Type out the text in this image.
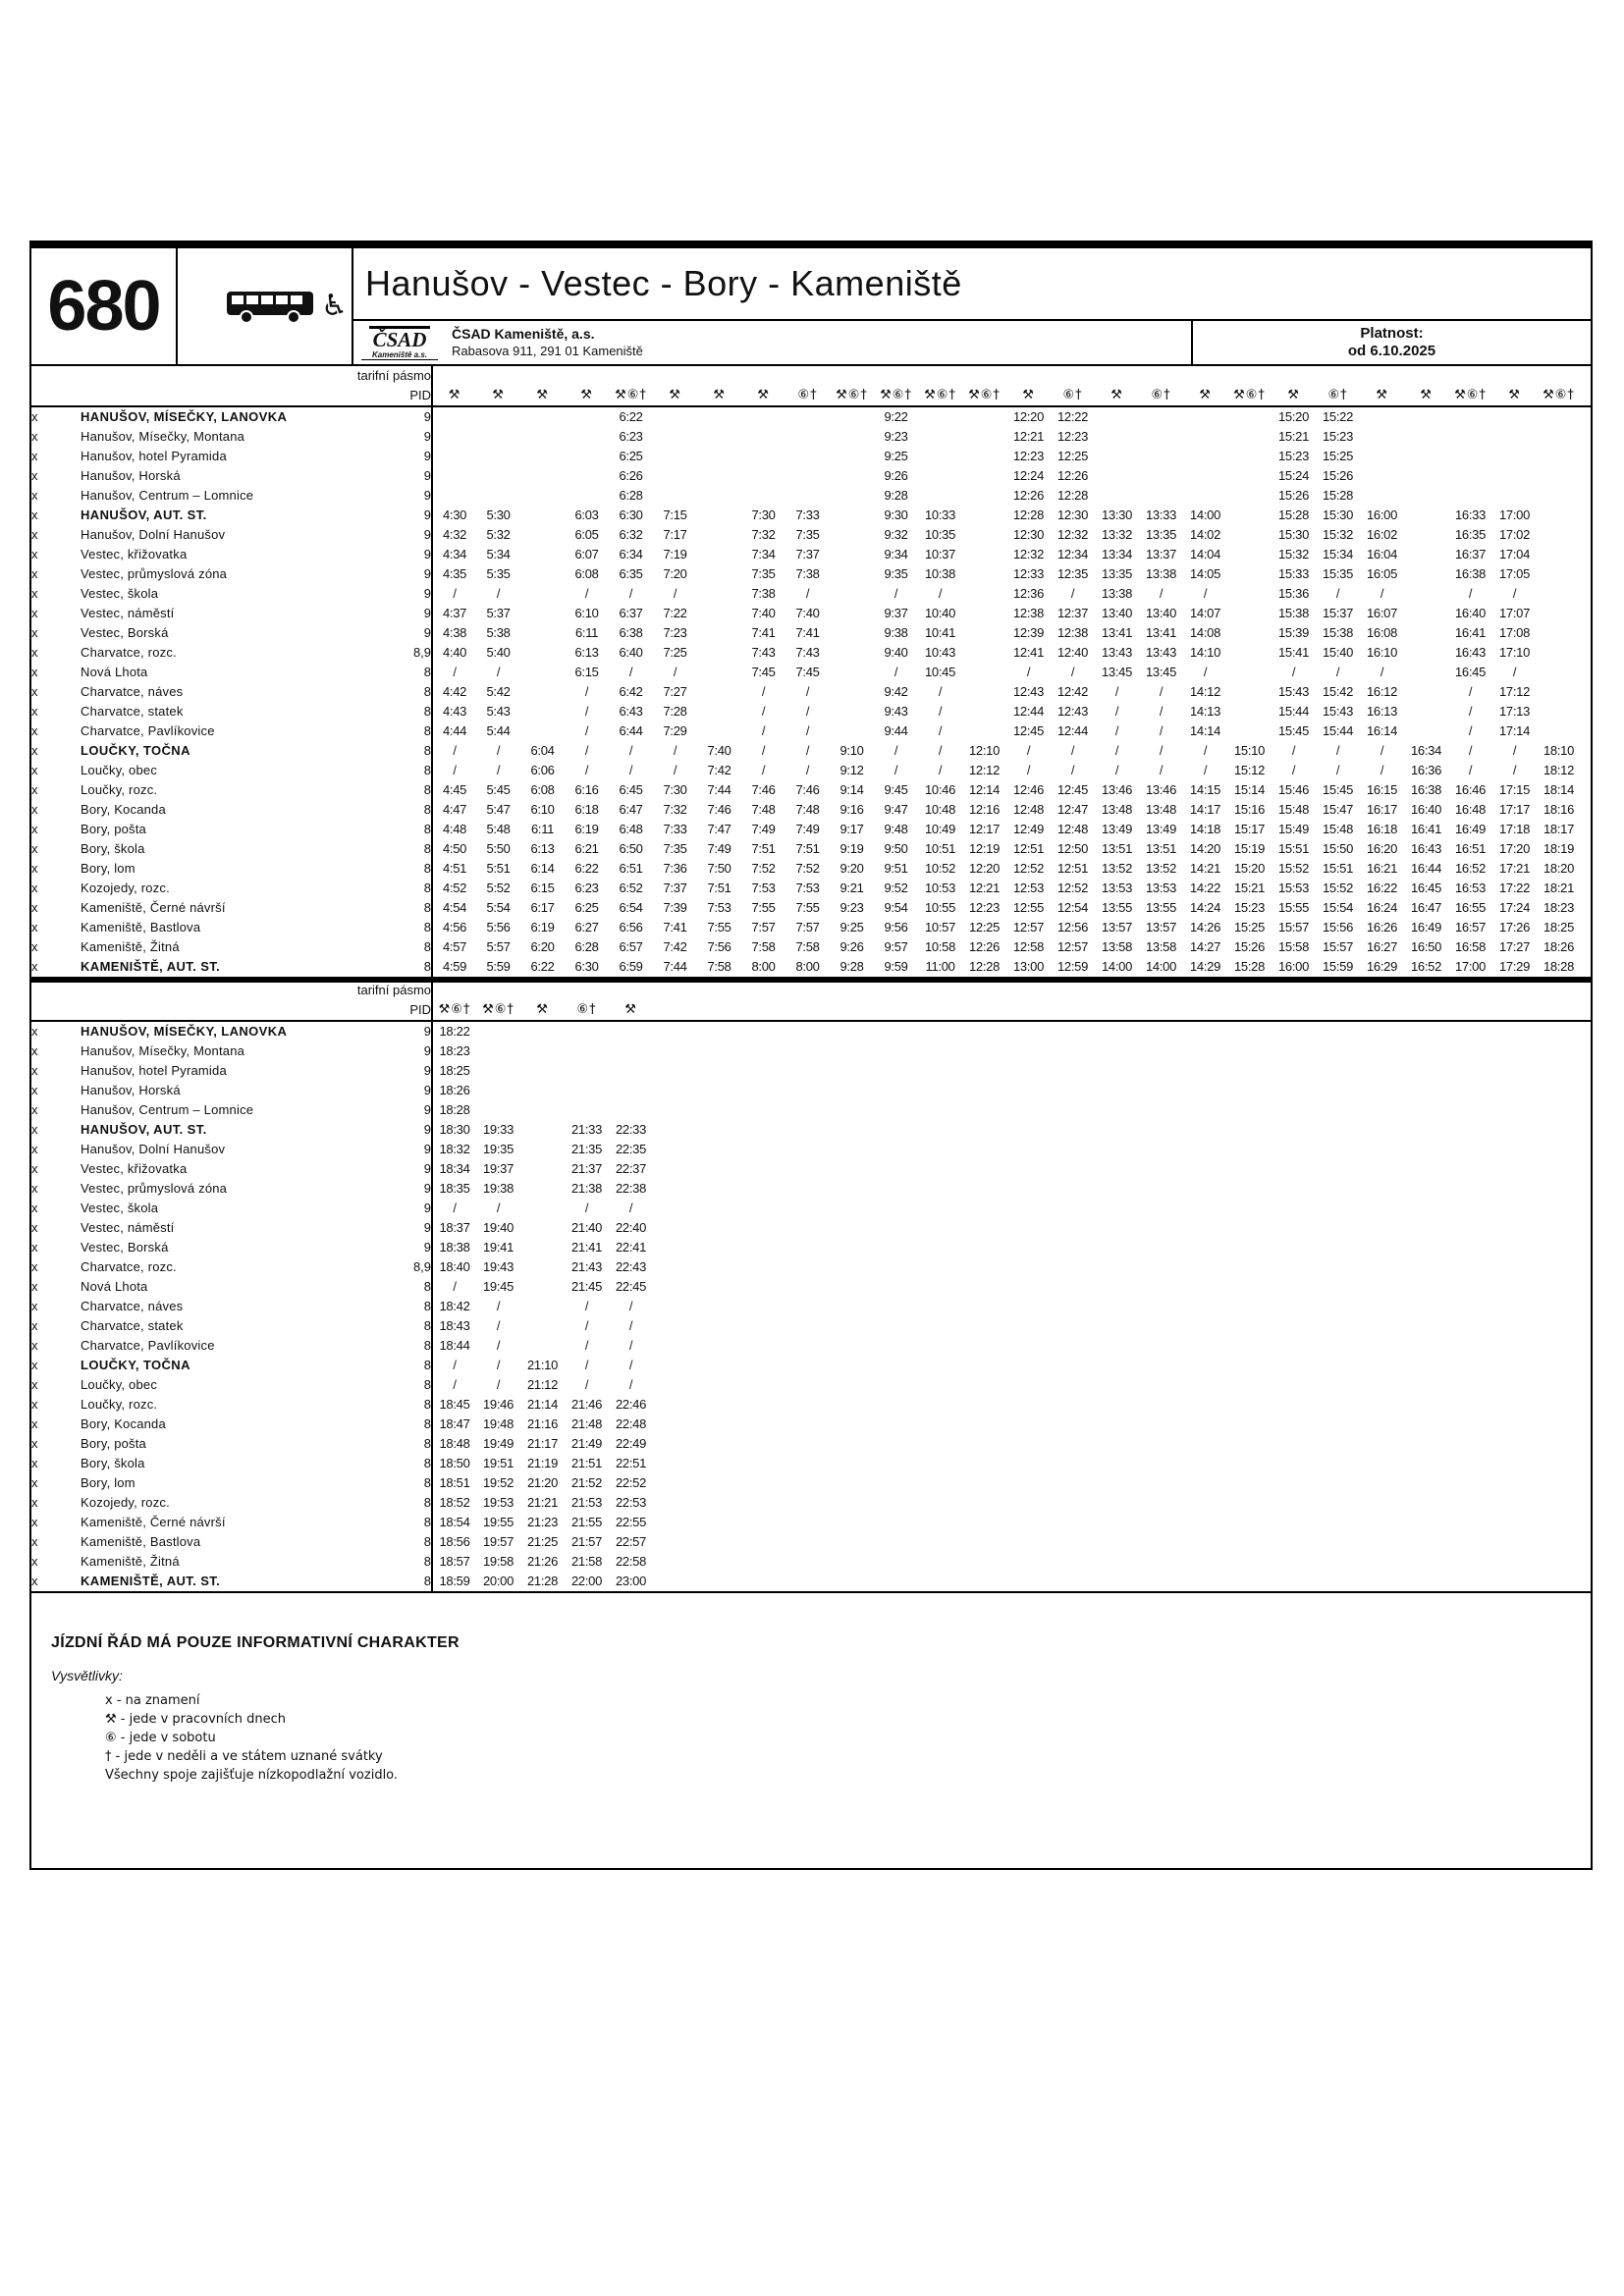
680	♿
Hanušov - Vestec - Bory - Kameniště
ČSAD
Kameniště a.s.
ČSAD Kameniště, a.s.
Rabasova 911, 291 01 Kameniště
Platnost:
od 6.10.2025
tarifní pásmo
PID			⚒	⚒	⚒	⚒	⚒⑥†	⚒	⚒	⚒	⑥†	⚒⑥†	⚒⑥†	⚒⑥†	⚒⑥†	⚒	⑥†	⚒	⑥†	⚒	⚒⑥†	⚒	⑥†	⚒	⚒	⚒⑥†	⚒	⚒⑥†	
x	HANUŠOV, MÍSEČKY, LANOVKA	9					6:22						9:22			12:20	12:22					15:20	15:22						
x	Hanušov, Mísečky, Montana	9					6:23						9:23			12:21	12:23					15:21	15:23						
x	Hanušov, hotel Pyramida	9					6:25						9:25			12:23	12:25					15:23	15:25						
x	Hanušov, Horská	9					6:26						9:26			12:24	12:26					15:24	15:26						
x	Hanušov, Centrum – Lomnice	9					6:28						9:28			12:26	12:28					15:26	15:28						
x	HANUŠOV, AUT. ST.	9	4:30	5:30		6:03	6:30	7:15		7:30	7:33		9:30	10:33		12:28	12:30	13:30	13:33	14:00		15:28	15:30	16:00		16:33	17:00		
x	Hanušov, Dolní Hanušov	9	4:32	5:32		6:05	6:32	7:17		7:32	7:35		9:32	10:35		12:30	12:32	13:32	13:35	14:02		15:30	15:32	16:02		16:35	17:02		
x	Vestec, křižovatka	9	4:34	5:34		6:07	6:34	7:19		7:34	7:37		9:34	10:37		12:32	12:34	13:34	13:37	14:04		15:32	15:34	16:04		16:37	17:04		
x	Vestec, průmyslová zóna	9	4:35	5:35		6:08	6:35	7:20		7:35	7:38		9:35	10:38		12:33	12:35	13:35	13:38	14:05		15:33	15:35	16:05		16:38	17:05		
x	Vestec, škola	9	/	/		/	/	/		7:38	/		/	/		12:36	/	13:38	/	/		15:36	/	/		/	/		
x	Vestec, náměstí	9	4:37	5:37		6:10	6:37	7:22		7:40	7:40		9:37	10:40		12:38	12:37	13:40	13:40	14:07		15:38	15:37	16:07		16:40	17:07		
x	Vestec, Borská	9	4:38	5:38		6:11	6:38	7:23		7:41	7:41		9:38	10:41		12:39	12:38	13:41	13:41	14:08		15:39	15:38	16:08		16:41	17:08		
x	Charvatce, rozc.	8,9	4:40	5:40		6:13	6:40	7:25		7:43	7:43		9:40	10:43		12:41	12:40	13:43	13:43	14:10		15:41	15:40	16:10		16:43	17:10		
x	Nová Lhota	8	/	/		6:15	/	/		7:45	7:45		/	10:45		/	/	13:45	13:45	/		/	/	/		16:45	/		
x	Charvatce, náves	8	4:42	5:42		/	6:42	7:27		/	/		9:42	/		12:43	12:42	/	/	14:12		15:43	15:42	16:12		/	17:12		
x	Charvatce, statek	8	4:43	5:43		/	6:43	7:28		/	/		9:43	/		12:44	12:43	/	/	14:13		15:44	15:43	16:13		/	17:13		
x	Charvatce, Pavlíkovice	8	4:44	5:44		/	6:44	7:29		/	/		9:44	/		12:45	12:44	/	/	14:14		15:45	15:44	16:14		/	17:14		
x	LOUČKY, TOČNA	8	/	/	6:04	/	/	/	7:40	/	/	9:10	/	/	12:10	/	/	/	/	/	15:10	/	/	/	16:34	/	/	18:10	
x	Loučky, obec	8	/	/	6:06	/	/	/	7:42	/	/	9:12	/	/	12:12	/	/	/	/	/	15:12	/	/	/	16:36	/	/	18:12	
x	Loučky, rozc.	8	4:45	5:45	6:08	6:16	6:45	7:30	7:44	7:46	7:46	9:14	9:45	10:46	12:14	12:46	12:45	13:46	13:46	14:15	15:14	15:46	15:45	16:15	16:38	16:46	17:15	18:14	
x	Bory, Kocanda	8	4:47	5:47	6:10	6:18	6:47	7:32	7:46	7:48	7:48	9:16	9:47	10:48	12:16	12:48	12:47	13:48	13:48	14:17	15:16	15:48	15:47	16:17	16:40	16:48	17:17	18:16	
x	Bory, pošta	8	4:48	5:48	6:11	6:19	6:48	7:33	7:47	7:49	7:49	9:17	9:48	10:49	12:17	12:49	12:48	13:49	13:49	14:18	15:17	15:49	15:48	16:18	16:41	16:49	17:18	18:17	
x	Bory, škola	8	4:50	5:50	6:13	6:21	6:50	7:35	7:49	7:51	7:51	9:19	9:50	10:51	12:19	12:51	12:50	13:51	13:51	14:20	15:19	15:51	15:50	16:20	16:43	16:51	17:20	18:19	
x	Bory, lom	8	4:51	5:51	6:14	6:22	6:51	7:36	7:50	7:52	7:52	9:20	9:51	10:52	12:20	12:52	12:51	13:52	13:52	14:21	15:20	15:52	15:51	16:21	16:44	16:52	17:21	18:20	
x	Kozojedy, rozc.	8	4:52	5:52	6:15	6:23	6:52	7:37	7:51	7:53	7:53	9:21	9:52	10:53	12:21	12:53	12:52	13:53	13:53	14:22	15:21	15:53	15:52	16:22	16:45	16:53	17:22	18:21	
x	Kameniště, Černé návrší	8	4:54	5:54	6:17	6:25	6:54	7:39	7:53	7:55	7:55	9:23	9:54	10:55	12:23	12:55	12:54	13:55	13:55	14:24	15:23	15:55	15:54	16:24	16:47	16:55	17:24	18:23	
x	Kameniště, Bastlova	8	4:56	5:56	6:19	6:27	6:56	7:41	7:55	7:57	7:57	9:25	9:56	10:57	12:25	12:57	12:56	13:57	13:57	14:26	15:25	15:57	15:56	16:26	16:49	16:57	17:26	18:25	
x	Kameniště, Žitná	8	4:57	5:57	6:20	6:28	6:57	7:42	7:56	7:58	7:58	9:26	9:57	10:58	12:26	12:58	12:57	13:58	13:58	14:27	15:26	15:58	15:57	16:27	16:50	16:58	17:27	18:26	
x	KAMENIŠTĚ, AUT. ST.	8	4:59	5:59	6:22	6:30	6:59	7:44	7:58	8:00	8:00	9:28	9:59	11:00	12:28	13:00	12:59	14:00	14:00	14:29	15:28	16:00	15:59	16:29	16:52	17:00	17:29	18:28	
tarifní pásmo
PID			⚒⑥†	⚒⑥†	⚒	⑥†	⚒	
x	HANUŠOV, MÍSEČKY, LANOVKA	9	18:22					
x	Hanušov, Mísečky, Montana	9	18:23					
x	Hanušov, hotel Pyramida	9	18:25					
x	Hanušov, Horská	9	18:26					
x	Hanušov, Centrum – Lomnice	9	18:28					
x	HANUŠOV, AUT. ST.	9	18:30	19:33		21:33	22:33	
x	Hanušov, Dolní Hanušov	9	18:32	19:35		21:35	22:35	
x	Vestec, křižovatka	9	18:34	19:37		21:37	22:37	
x	Vestec, průmyslová zóna	9	18:35	19:38		21:38	22:38	
x	Vestec, škola	9	/	/		/	/	
x	Vestec, náměstí	9	18:37	19:40		21:40	22:40	
x	Vestec, Borská	9	18:38	19:41		21:41	22:41	
x	Charvatce, rozc.	8,9	18:40	19:43		21:43	22:43	
x	Nová Lhota	8	/	19:45		21:45	22:45	
x	Charvatce, náves	8	18:42	/		/	/	
x	Charvatce, statek	8	18:43	/		/	/	
x	Charvatce, Pavlíkovice	8	18:44	/		/	/	
x	LOUČKY, TOČNA	8	/	/	21:10	/	/	
x	Loučky, obec	8	/	/	21:12	/	/	
x	Loučky, rozc.	8	18:45	19:46	21:14	21:46	22:46	
x	Bory, Kocanda	8	18:47	19:48	21:16	21:48	22:48	
x	Bory, pošta	8	18:48	19:49	21:17	21:49	22:49	
x	Bory, škola	8	18:50	19:51	21:19	21:51	22:51	
x	Bory, lom	8	18:51	19:52	21:20	21:52	22:52	
x	Kozojedy, rozc.	8	18:52	19:53	21:21	21:53	22:53	
x	Kameniště, Černé návrší	8	18:54	19:55	21:23	21:55	22:55	
x	Kameniště, Bastlova	8	18:56	19:57	21:25	21:57	22:57	
x	Kameniště, Žitná	8	18:57	19:58	21:26	21:58	22:58	
x	KAMENIŠTĚ, AUT. ST.	8	18:59	20:00	21:28	22:00	23:00	
JÍZDNÍ ŘÁD MÁ POUZE INFORMATIVNÍ CHARAKTER
Vysvětlivky:
x - na znamení
⚒ - jede v pracovních dnech
⑥ - jede v sobotu
† - jede v neděli a ve státem uznané svátky
Všechny spoje zajišťuje nízkopodlažní vozidlo.
